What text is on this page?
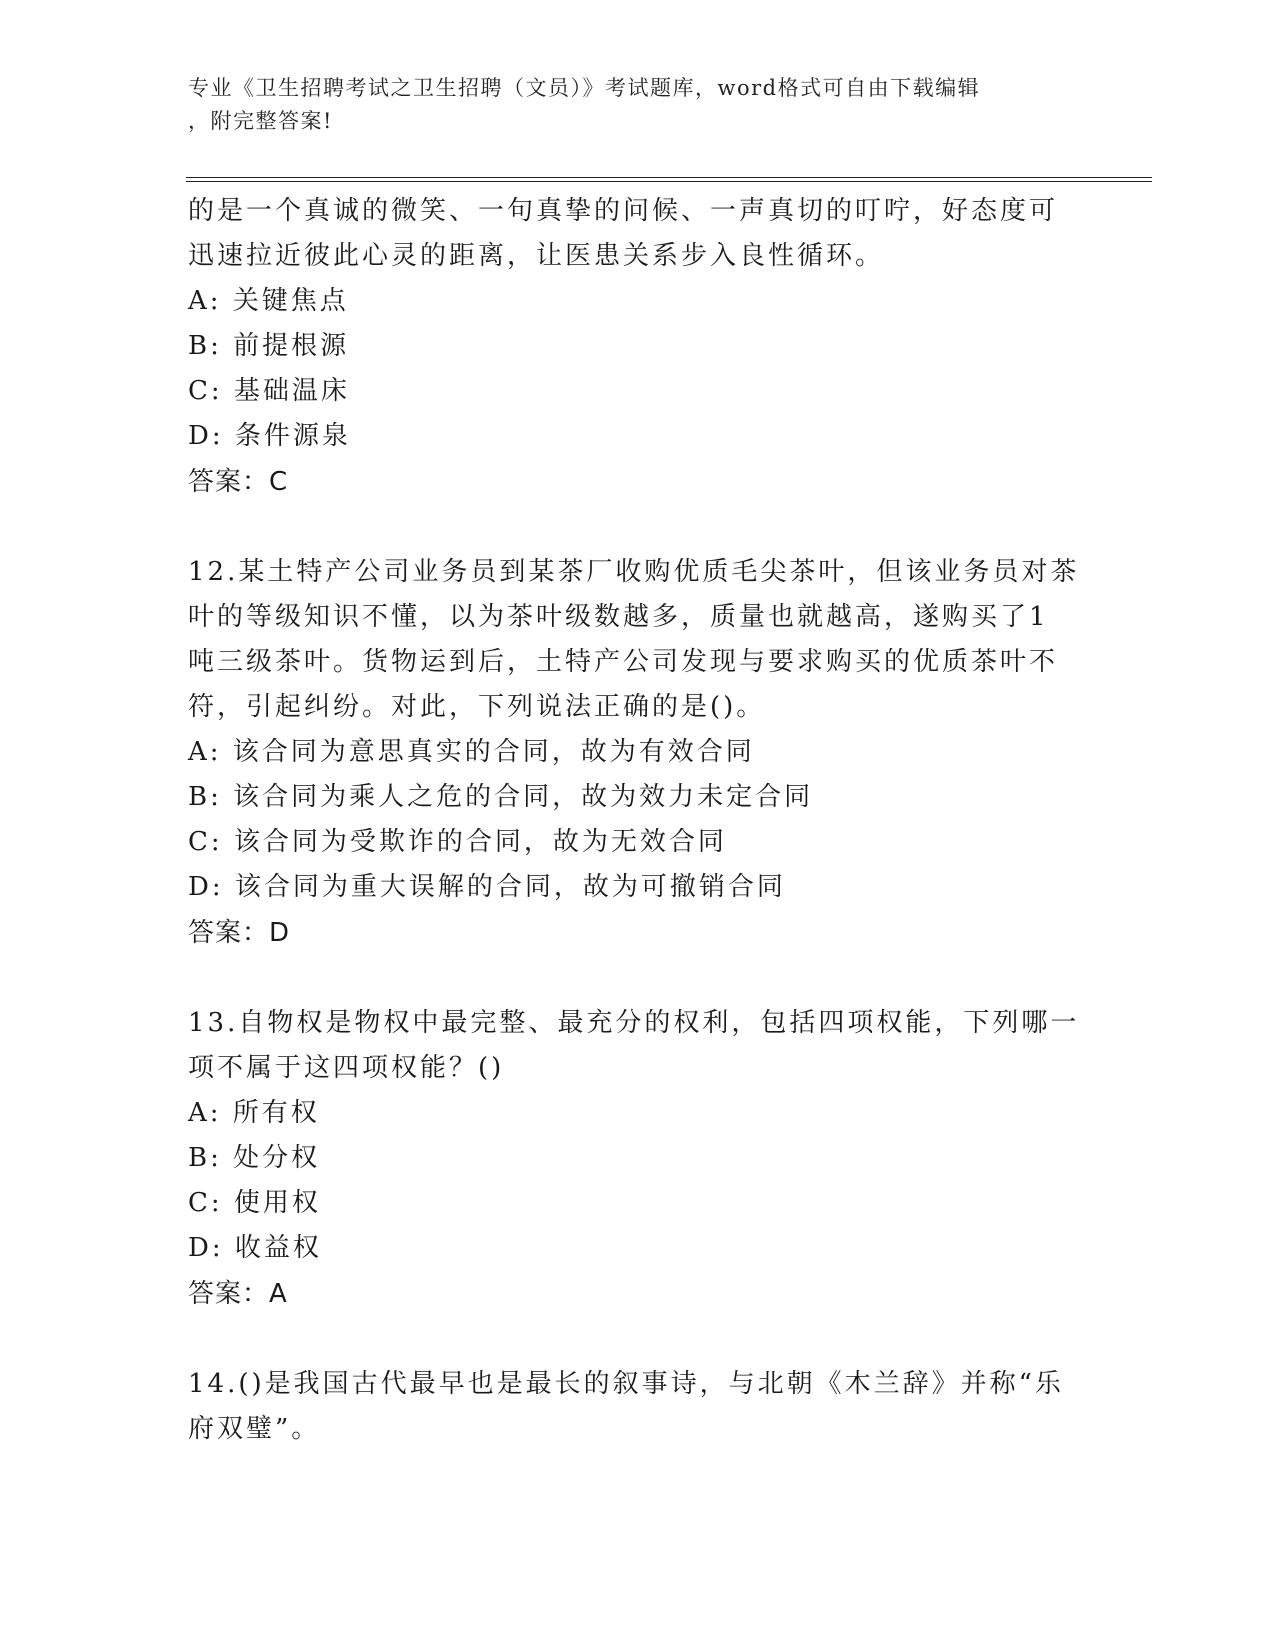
专业《卫生招聘考试之卫生招聘（文员）》考试题库，word格式可自由下载编辑
，附完整答案!
的是一个真诚的微笑、一句真挚的问候、一声真切的叮咛，好态度可
迅速拉近彼此心灵的距离，让医患关系步入良性循环。
A: 关键焦点
B: 前提根源
C: 基础温床
D: 条件源泉
答案：C
12.某土特产公司业务员到某茶厂收购优质毛尖茶叶，但该业务员对茶
叶的等级知识不懂，以为茶叶级数越多，质量也就越高，遂购买了1
吨三级茶叶。货物运到后，土特产公司发现与要求购买的优质茶叶不
符，引起纠纷。对此，下列说法正确的是()。
A: 该合同为意思真实的合同，故为有效合同
B: 该合同为乘人之危的合同，故为效力未定合同
C: 该合同为受欺诈的合同，故为无效合同
D: 该合同为重大误解的合同，故为可撤销合同
答案：D
13.自物权是物权中最完整、最充分的权利，包括四项权能，下列哪一
项不属于这四项权能？()
A: 所有权
B: 处分权
C: 使用权
D: 收益权
答案：A
14.()是我国古代最早也是最长的叙事诗，与北朝《木兰辞》并称“乐
府双璧”。
